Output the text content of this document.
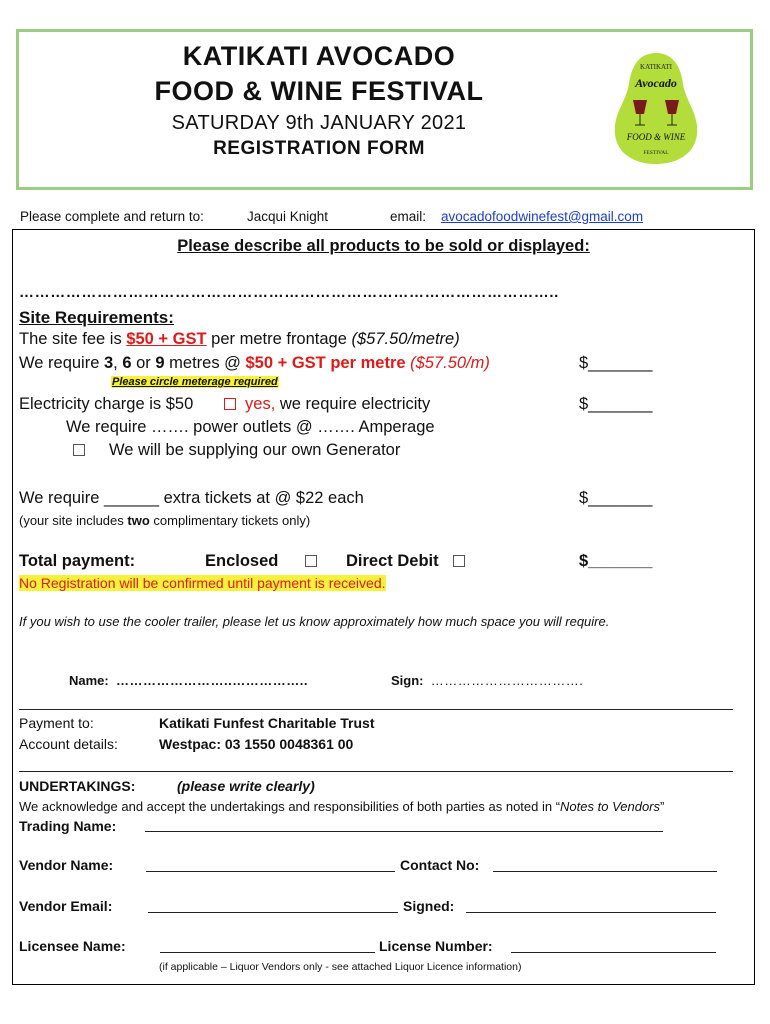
KATIKATI AVOCADO
FOOD & WINE FESTIVAL
SATURDAY 9th JANUARY 2021
REGISTRATION FORM
KATIKATI
Avocado
FOOD & WINE
FESTIVAL
Please complete and return to:	Jacqui Knight	email: avocadofoodwinefest@gmail.com
Please describe all products to be sold or displayed:
…………………………………………………………………………………………..
Site Requirements:
The site fee is $50 + GST per metre frontage ($57.50/metre)
We require 3, 6 or 9 metres @ $50 + GST per metre ($57.50/m)	$_______
Please circle meterage required
Electricity charge is $50	yes, we require electricity	$_______
We require ……. power outlets @ ……. Amperage
We will be supplying our own Generator
We require ______ extra tickets at @ $22 each	$_______
(your site includes two complimentary tickets only)
Total payment:	Enclosed	Direct Debit	$_______
No Registration will be confirmed until payment is received.
If you wish to use the cooler trailer, please let us know approximately how much space you will require.
Name: ……………………..……………..	Sign: …………………………….
Payment to:	Katikati Funfest Charitable Trust
Account details:	Westpac: 03 1550 0048361 00
UNDERTAKINGS:	(please write clearly)
We acknowledge and accept the undertakings and responsibilities of both parties as noted in “Notes to Vendors”
Trading Name:
Vendor Name:	Contact No:
Vendor Email:	Signed:
Licensee Name:	License Number:
(if applicable – Liquor Vendors only - see attached Liquor Licence information)
